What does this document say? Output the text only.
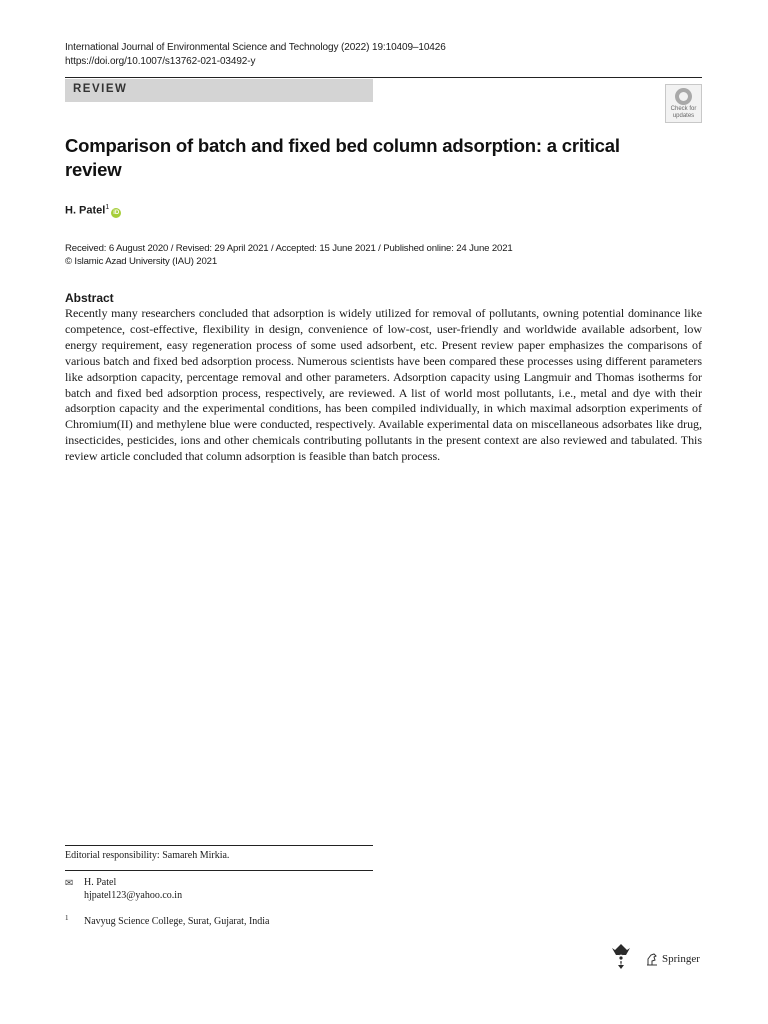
International Journal of Environmental Science and Technology (2022) 19:10409–10426
https://doi.org/10.1007/s13762-021-03492-y
REVIEW
Check for updates
Comparison of batch and fixed bed column adsorption: a critical review
H. Patel$^1$iD
Received: 6 August 2020 / Revised: 29 April 2021 / Accepted: 15 June 2021 / Published online: 24 June 2021
© Islamic Azad University (IAU) 2021
Abstract
Recently many researchers concluded that adsorption is widely utilized for removal of pollutants, owning potential dominance like competence, cost-effective, flexibility in design, convenience of low-cost, user-friendly and worldwide available adsorbent, low energy requirement, easy regeneration process of some used adsorbent, etc. Present review paper emphasizes the comparisons of various batch and fixed bed adsorption process. Numerous scientists have been compared these processes using different parameters like adsorption capacity, percentage removal and other parameters. Adsorption capacity using Langmuir and Thomas isotherms for batch and fixed bed adsorption process, respectively, are reviewed. A list of world most pollutants, i.e., metal and dye with their adsorption capacity and the experimental conditions, has been compiled individually, in which maximal adsorption experiments of Chromium(II) and methylene blue were conducted, respectively. Available experimental data on miscellaneous adsorbates like drug, insecticides, pesticides, ions and other chemicals contributing pollutants in the present context are also reviewed and tabulated. This review article concluded that column adsorption is feasible than batch process.
Editorial responsibility: Samareh Mirkia.
✉ H. Patel
hjpatel123@yahoo.co.in
1 Navyug Science College, Surat, Gujarat, India
Springer
